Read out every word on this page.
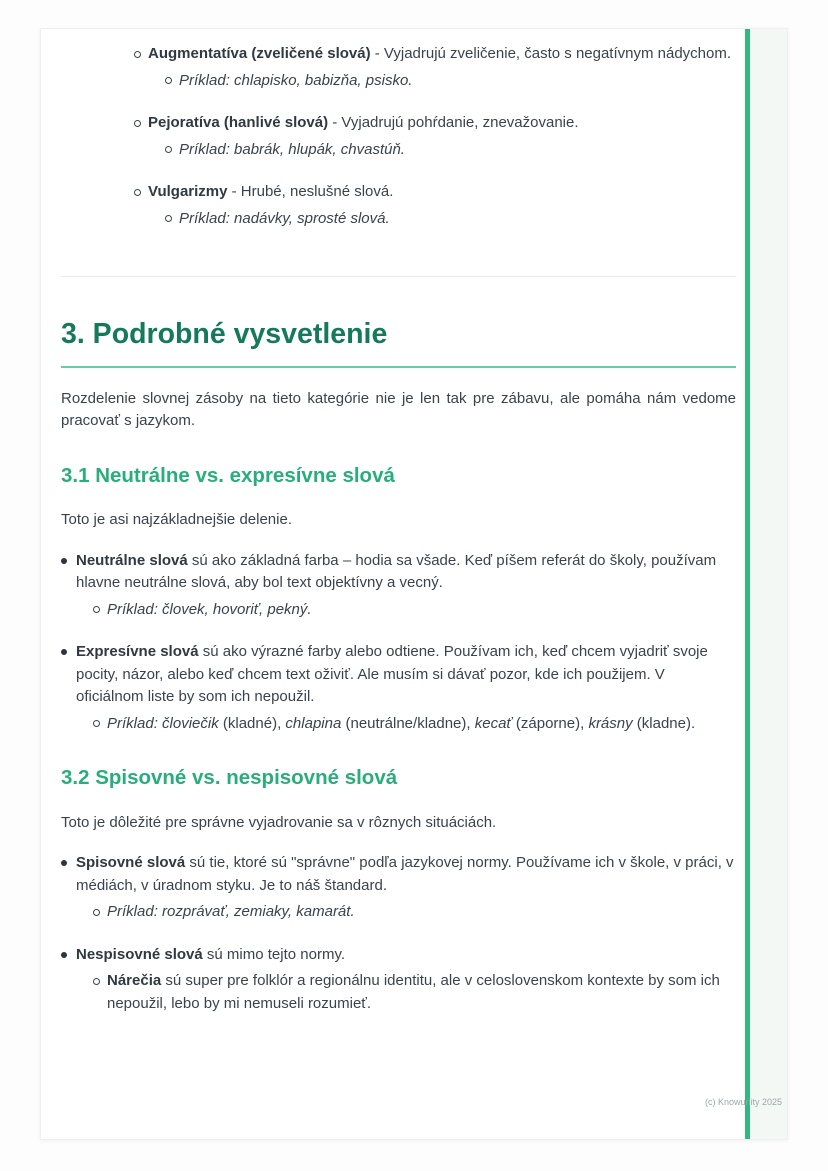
Augmentatíva (zveličené slová) - Vyjadrujú zveličenie, často s negatívnym nádychom.
Príklad: chlapisko, babizňa, psisko.
Pejoratíva (hanlivé slová) - Vyjadrujú pohŕdanie, znevažovanie.
Príklad: babrák, hlupák, chvastúň.
Vulgarizmy - Hrubé, neslušné slová.
Príklad: nadávky, sprosté slová.
3. Podrobné vysvetlenie

Rozdelenie slovnej zásoby na tieto kategórie nie je len tak pre zábavu, ale pomáha nám vedome pracovať s jazykom.

3.1 Neutrálne vs. expresívne slová

Toto je asi najzákladnejšie delenie.

Neutrálne slová sú ako základná farba – hodia sa všade. Keď píšem referát do školy, používam hlavne neutrálne slová, aby bol text objektívny a vecný.
Príklad: človek, hovoriť, pekný.
Expresívne slová sú ako výrazné farby alebo odtiene. Používam ich, keď chcem vyjadriť svoje pocity, názor, alebo keď chcem text oživiť. Ale musím si dávať pozor, kde ich použijem. V oficiálnom liste by som ich nepoužil.
Príklad: človiečik (kladné), chlapina (neutrálne/kladne), kecať (záporne), krásny (kladne).
3.2 Spisovné vs. nespisovné slová

Toto je dôležité pre správne vyjadrovanie sa v rôznych situáciách.

Spisovné slová sú tie, ktoré sú "správne" podľa jazykovej normy. Používame ich v škole, v práci, v médiách, v úradnom styku. Je to náš štandard.
Príklad: rozprávať, zemiaky, kamarát.
Nespisovné slová sú mimo tejto normy.
Nárečia sú super pre folklór a regionálnu identitu, ale v celoslovenskom kontexte by som ich nepoužil, lebo by mi nemuseli rozumieť.
(c) Knowunity 2025
